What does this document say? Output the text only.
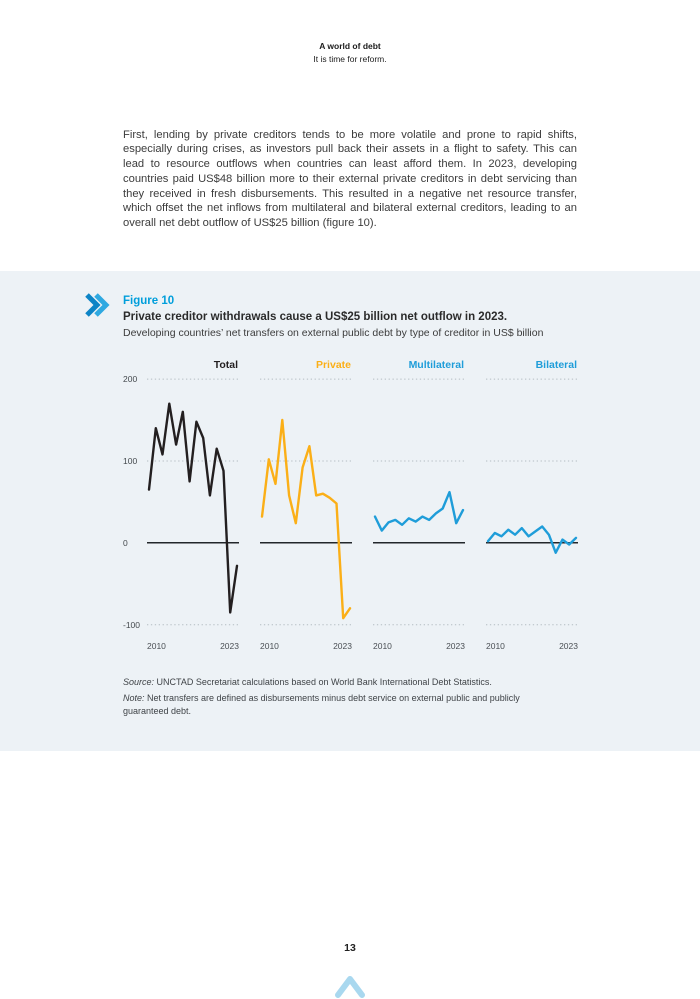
A world of debt
It is time for reform.

First, lending by private creditors tends to be more volatile and prone to rapid shifts, especially during crises, as investors pull back their assets in a flight to safety. This can lead to resource outflows when countries can least afford them. In 2023, developing countries paid US$48 billion more to their external private creditors in debt servicing than they received in fresh disbursements. This resulted in a negative net resource transfer, which offset the net inflows from multilateral and bilateral external creditors, leading to an overall net debt outflow of US$25 billion (figure 10).

Figure 10
Private creditor withdrawals cause a US$25 billion net outflow in 2023.
Developing countries’ net transfers on external public debt by type of creditor in US$ billion
200
100
0
-100
Total
2010	2023
Private
2010	2023
Multilateral
2010	2023
Bilateral
2010	2023
Source: UNCTAD Secretariat calculations based on World Bank International Debt Statistics.
Note: Net transfers are defined as disbursements minus debt service on external public and publicly guaranteed debt.
13
